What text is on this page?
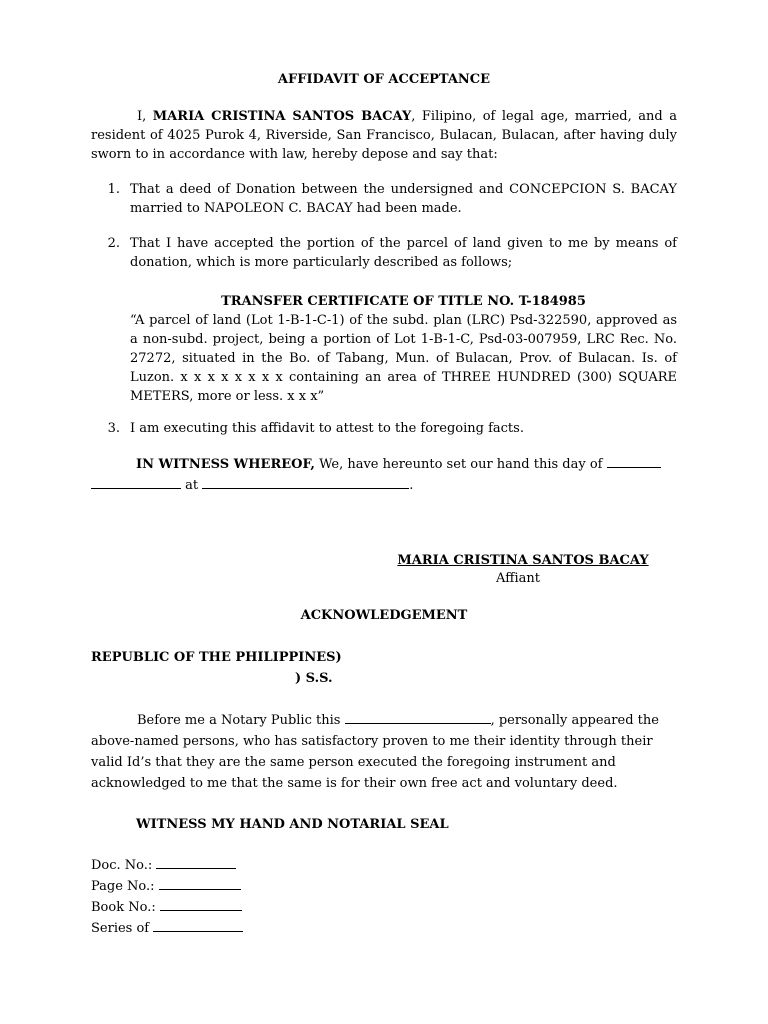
AFFIDAVIT OF ACCEPTANCE
I, MARIA CRISTINA SANTOS BACAY, Filipino, of legal age, married, and a resident of 4025 Purok 4, Riverside, San Francisco, Bulacan, Bulacan, after having duly sworn to in accordance with law, hereby depose and say that:
1. That a deed of Donation between the undersigned and CONCEPCION S. BACAY married to NAPOLEON C. BACAY had been made.
2. That I have accepted the portion of the parcel of land given to me by means of donation, which is more particularly described as follows;
TRANSFER CERTIFICATE OF TITLE NO. T-184985
“A parcel of land (Lot 1-B-1-C-1) of the subd. plan (LRC) Psd-322590, approved as a non-subd. project, being a portion of Lot 1-B-1-C, Psd-03-007959, LRC Rec. No. 27272, situated in the Bo. of Tabang, Mun. of Bulacan, Prov. of Bulacan. Is. of Luzon. x x x x x x x x containing an area of THREE HUNDRED (300) SQUARE METERS, more or less. x x x”
3. I am executing this affidavit to attest to the foregoing facts.
IN WITNESS WHEREOF, We, have hereunto set our hand this day of
at	.
MARIA CRISTINA SANTOS BACAY
Affiant
ACKNOWLEDGEMENT
REPUBLIC OF THE PHILIPPINES)
) S.S.
Before me a Notary Public this	, personally appeared the above-named persons, who has satisfactory proven to me their identity through their valid Id’s that they are the same person executed the foregoing instrument and acknowledged to me that the same is for their own free act and voluntary deed.
WITNESS MY HAND AND NOTARIAL SEAL
Doc. No.:
Page No.:
Book No.:
Series of
